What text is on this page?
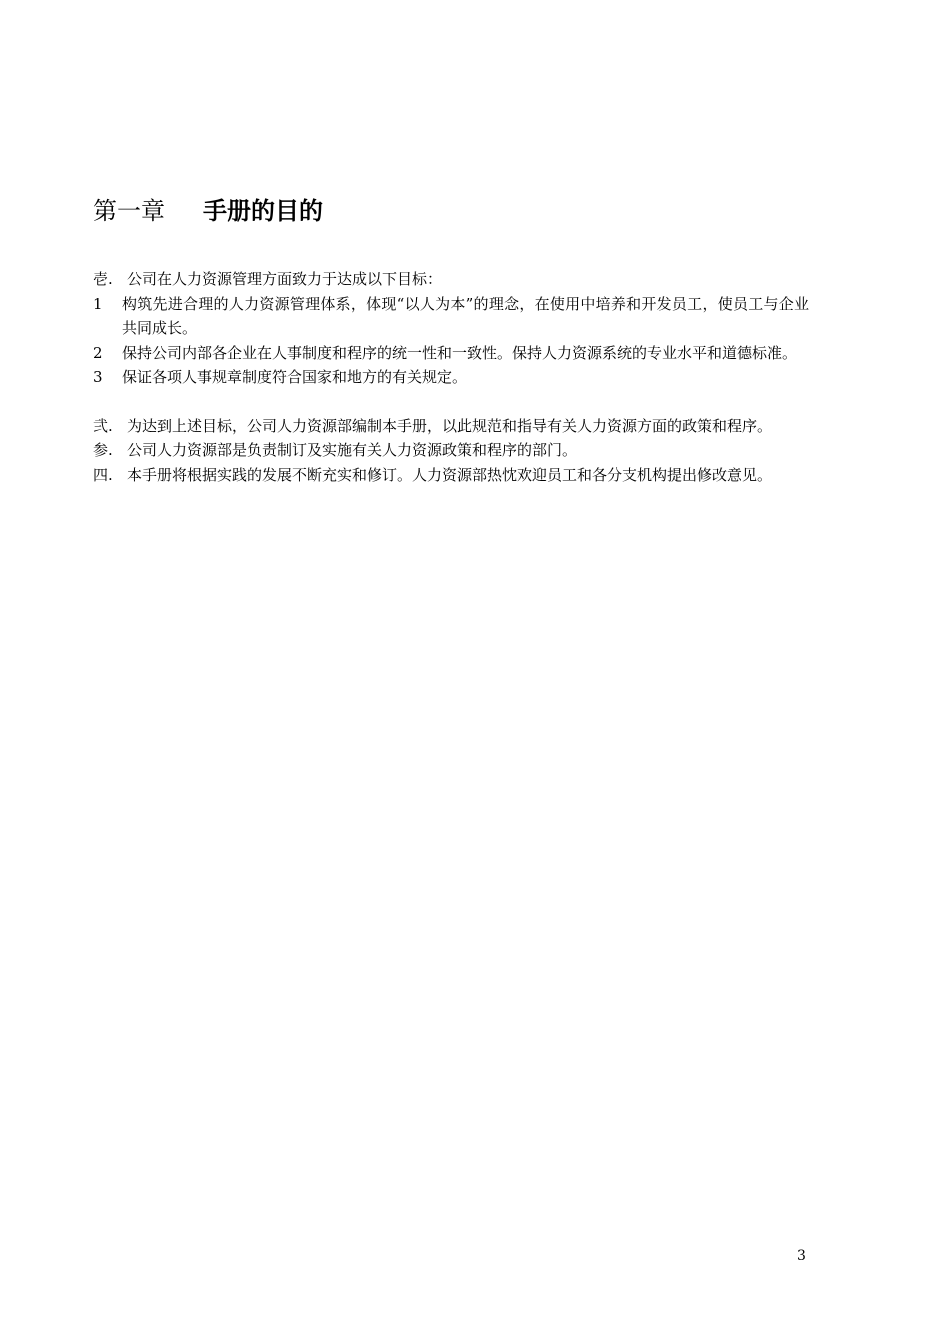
第一章 手册的目的
壱. 公司在人力资源管理方面致力于达成以下目标：
1	构筑先进合理的人力资源管理体系，体现“以人为本”的理念，在使用中培养和开发员工，使员工与企业共同成长。
2	保持公司内部各企业在人事制度和程序的统一性和一致性。保持人力资源系统的专业水平和道德标准。
3	保证各项人事规章制度符合国家和地方的有关规定。
弐. 为达到上述目标，公司人力资源部编制本手册，以此规范和指导有关人力资源方面的政策和程序。
参. 公司人力资源部是负责制订及实施有关人力资源政策和程序的部门。
四. 本手册将根据实践的发展不断充实和修订。人力资源部热忱欢迎员工和各分支机构提出修改意见。
3
